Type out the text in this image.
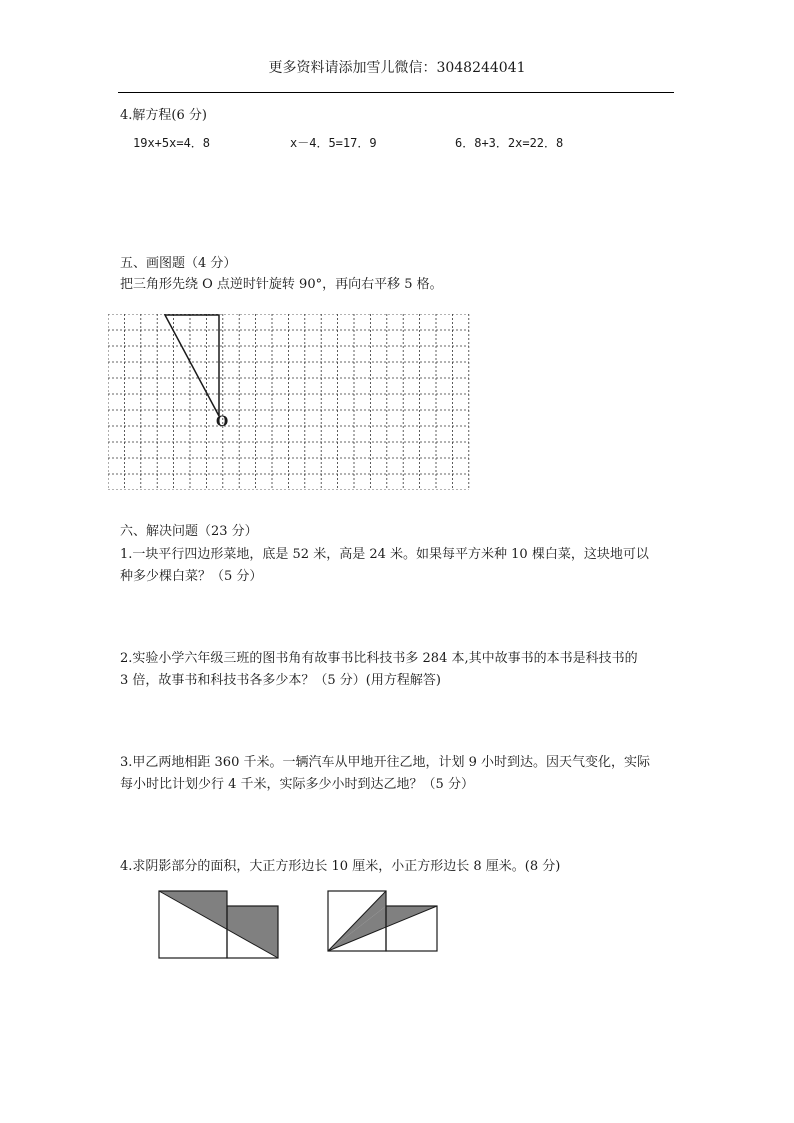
更多资料请添加雪儿微信：3048244041
4.解方程(6 分)
19x+5x=4．8	x－4．5=17．9	6．8+3．2x=22．8
五、画图题（4 分）
把三角形先绕 O 点逆时针旋转 90°，再向右平移 5 格。
O
六、解决问题（23 分）
1.一块平行四边形菜地，底是 52 米，高是 24 米。如果每平方米种 10 棵白菜，这块地可以
种多少棵白菜？（5 分）
2.实验小学六年级三班的图书角有故事书比科技书多 284 本,其中故事书的本书是科技书的
3 倍，故事书和科技书各多少本？（5 分）(用方程解答)
3.甲乙两地相距 360 千米。一辆汽车从甲地开往乙地，计划 9 小时到达。因天气变化，实际
每小时比计划少行 4 千米，实际多少小时到达乙地？（5 分）
4.求阴影部分的面积，大正方形边长 10 厘米，小正方形边长 8 厘米。(8 分)
